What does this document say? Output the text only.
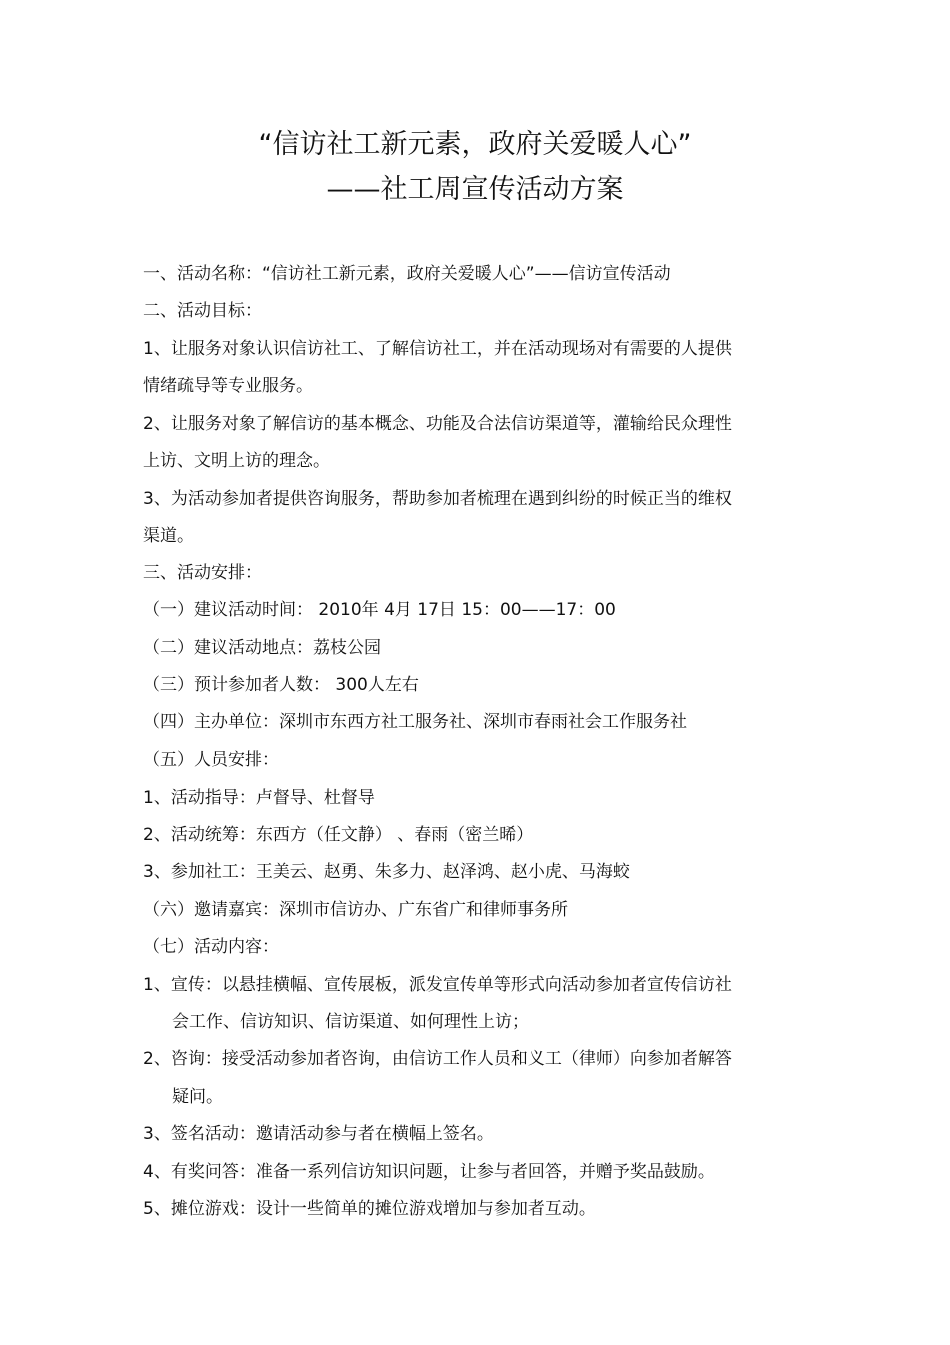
“信访社工新元素，政府关爱暖人心”
——社工周宣传活动方案
一、活动名称：“信访社工新元素，政府关爱暖人心”——信访宣传活动
二、活动目标：
1、让服务对象认识信访社工、了解信访社工，并在活动现场对有需要的人提供
情绪疏导等专业服务。
2、让服务对象了解信访的基本概念、功能及合法信访渠道等，灌输给民众理性
上访、文明上访的理念。
3、为活动参加者提供咨询服务，帮助参加者梳理在遇到纠纷的时候正当的维权
渠道。
三、活动安排：
（一）建议活动时间： 2010年 4月 17日 15：00——17：00
（二）建议活动地点：荔枝公园
（三）预计参加者人数： 300人左右
（四）主办单位：深圳市东西方社工服务社、深圳市春雨社会工作服务社
（五）人员安排：
1、活动指导：卢督导、杜督导
2、活动统筹：东西方（任文静） 、春雨（密兰晞）
3、参加社工：王美云、赵勇、朱多力、赵泽鸿、赵小虎、马海蛟
（六）邀请嘉宾：深圳市信访办、广东省广和律师事务所
（七）活动内容：
1、宣传：以悬挂横幅、宣传展板，派发宣传单等形式向活动参加者宣传信访社
会工作、信访知识、信访渠道、如何理性上访；
2、咨询：接受活动参加者咨询，由信访工作人员和义工（律师）向参加者解答
疑问。
3、签名活动：邀请活动参与者在横幅上签名。
4、有奖问答：准备一系列信访知识问题，让参与者回答，并赠予奖品鼓励。
5、摊位游戏：设计一些简单的摊位游戏增加与参加者互动。
